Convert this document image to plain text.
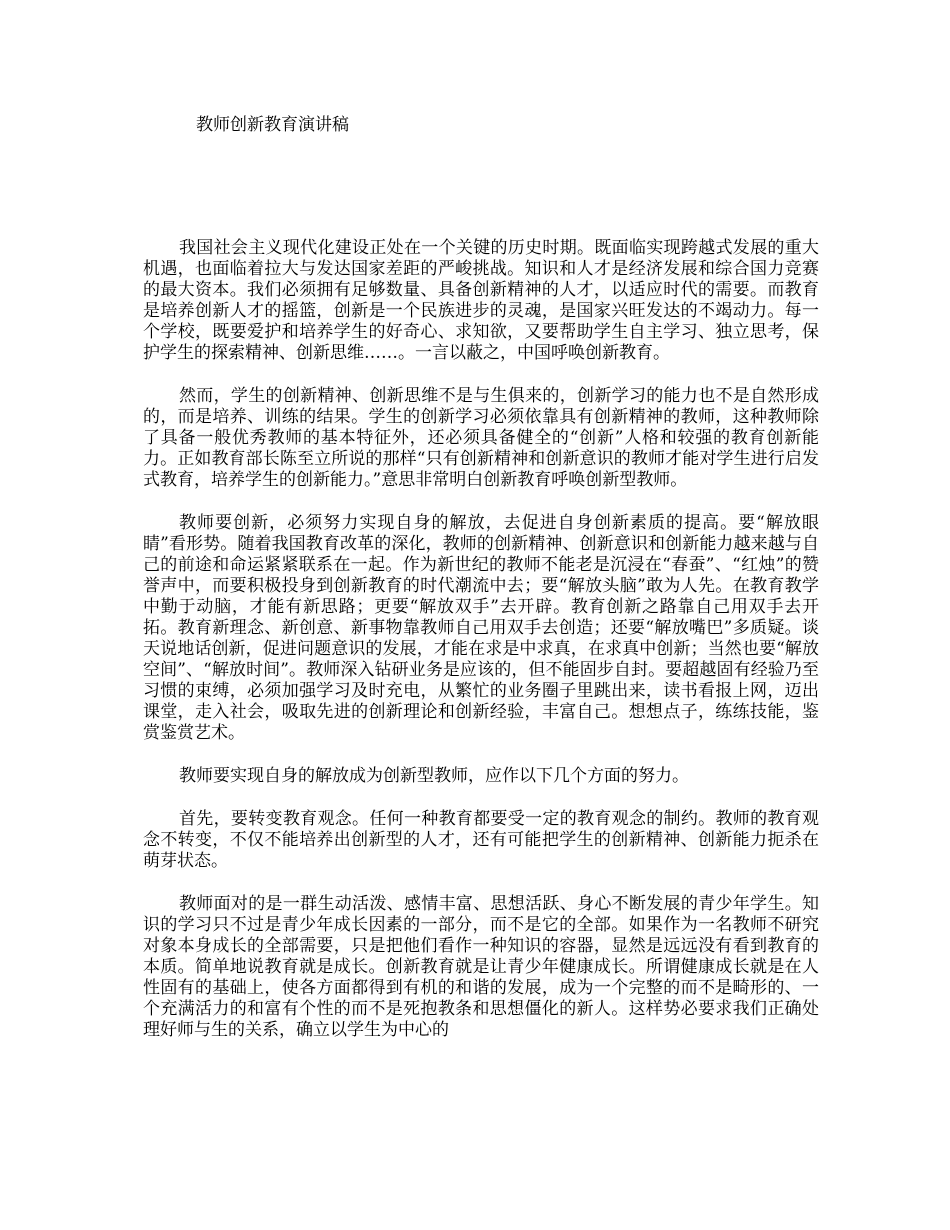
教师创新教育演讲稿

我国社会主义现代化建设正处在一个关键的历史时期。既面临实现跨越式发展的重大机遇，也面临着拉大与发达国家差距的严峻挑战。知识和人才是经济发展和综合国力竞赛的最大资本。我们必须拥有足够数量、具备创新精神的人才，以适应时代的需要。而教育是培养创新人才的摇篮，创新是一个民族进步的灵魂，是国家兴旺发达的不竭动力。每一个学校，既要爱护和培养学生的好奇心、求知欲，又要帮助学生自主学习、独立思考，保护学生的探索精神、创新思维……。一言以蔽之，中国呼唤创新教育。

然而，学生的创新精神、创新思维不是与生俱来的，创新学习的能力也不是自然形成的，而是培养、训练的结果。学生的创新学习必须依靠具有创新精神的教师，这种教师除了具备一般优秀教师的基本特征外，还必须具备健全的“创新”人格和较强的教育创新能力。正如教育部长陈至立所说的那样“只有创新精神和创新意识的教师才能对学生进行启发式教育，培养学生的创新能力。”意思非常明白创新教育呼唤创新型教师。

教师要创新，必须努力实现自身的解放，去促进自身创新素质的提高。要“解放眼睛”看形势。随着我国教育改革的深化，教师的创新精神、创新意识和创新能力越来越与自己的前途和命运紧紧联系在一起。作为新世纪的教师不能老是沉浸在“春蚕”、“红烛”的赞誉声中，而要积极投身到创新教育的时代潮流中去；要“解放头脑”敢为人先。在教育教学中勤于动脑，才能有新思路；更要“解放双手”去开辟。教育创新之路靠自己用双手去开拓。教育新理念、新创意、新事物靠教师自己用双手去创造；还要“解放嘴巴”多质疑。谈天说地话创新，促进问题意识的发展，才能在求是中求真，在求真中创新；当然也要“解放空间”、“解放时间”。教师深入钻研业务是应该的，但不能固步自封。要超越固有经验乃至习惯的束缚，必须加强学习及时充电，从繁忙的业务圈子里跳出来，读书看报上网，迈出课堂，走入社会，吸取先进的创新理论和创新经验，丰富自己。想想点子，练练技能，鉴赏鉴赏艺术。

教师要实现自身的解放成为创新型教师，应作以下几个方面的努力。

首先，要转变教育观念。任何一种教育都要受一定的教育观念的制约。教师的教育观念不转变，不仅不能培养出创新型的人才，还有可能把学生的创新精神、创新能力扼杀在萌芽状态。

教师面对的是一群生动活泼、感情丰富、思想活跃、身心不断发展的青少年学生。知识的学习只不过是青少年成长因素的一部分，而不是它的全部。如果作为一名教师不研究对象本身成长的全部需要，只是把他们看作一种知识的容器，显然是远远没有看到教育的本质。简单地说教育就是成长。创新教育就是让青少年健康成长。所谓健康成长就是在人性固有的基础上，使各方面都得到有机的和谐的发展，成为一个完整的而不是畸形的、一个充满活力的和富有个性的而不是死抱教条和思想僵化的新人。这样势必要求我们正确处理好师与生的关系，确立以学生为中心的
